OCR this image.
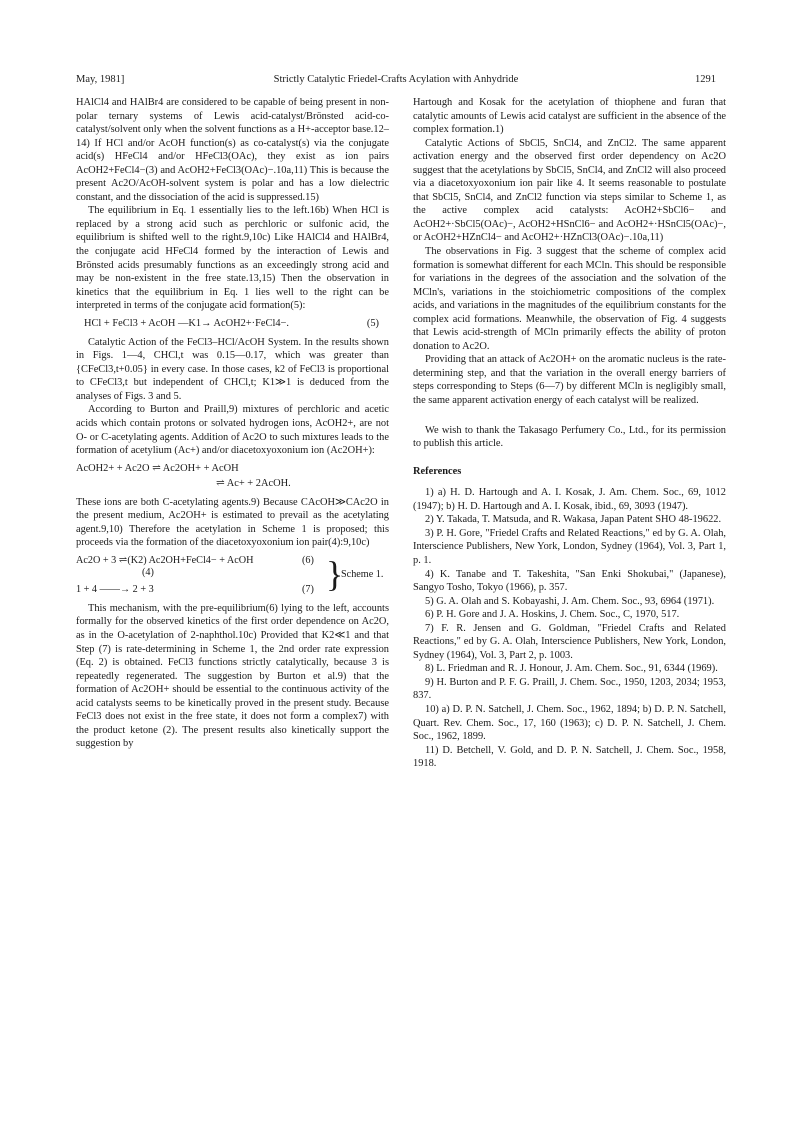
May, 1981]	Strictly Catalytic Friedel-Crafts Acylation with Anhydride	1291

HAlCl4 and HAlBr4 are considered to be capable of being present in non-polar ternary systems of Lewis acid-catalyst/Brönsted acid-co-catalyst/solvent only when the solvent functions as a H+-acceptor base.12–14) If HCl and/or AcOH function(s) as co-catalyst(s) via the conjugate acid(s) HFeCl4 and/or HFeCl3(OAc), they exist as ion pairs AcOH2+FeCl4−(3) and AcOH2+FeCl3(OAc)−.10a,11) This is because the present Ac2O/AcOH-solvent system is polar and has a low dielectric constant, and the dissociation of the acid is suppressed.15)

The equilibrium in Eq. 1 essentially lies to the left.16b) When HCl is replaced by a strong acid such as perchloric or sulfonic acid, the equilibrium is shifted well to the right.9,10c) Like HAlCl4 and HAlBr4, the conjugate acid HFeCl4 formed by the interaction of Lewis and Brönsted acids presumably functions as an exceedingly strong acid and may be non-existent in the free state.13,15) Then the observation in kinetics that the equilibrium in Eq. 1 lies well to the right can be interpreted in terms of the conjugate acid formation(5):

HCl + FeCl3 + AcOH —K1→ AcOH2+·FeCl4−.	(5)

Catalytic Action of the FeCl3–HCl/AcOH System. In the results shown in Figs. 1—4, CHCl,t was 0.15—0.17, which was greater than {CFeCl3,t+0.05} in every case. In those cases, k2 of FeCl3 is proportional to CFeCl3,t but independent of CHCl,t; K1≫1 is deduced from the analyses of Figs. 3 and 5.

According to Burton and Praill,9) mixtures of perchloric and acetic acids which contain protons or solvated hydrogen ions, AcOH2+, are not O- or C-acetylating agents. Addition of Ac2O to such mixtures leads to the formation of acetylium (Ac+) and/or diacetoxyoxonium ion (Ac2OH+):

AcOH2+ + Ac2O ⇌ Ac2OH+ + AcOH
⇌ Ac+ + 2AcOH.

These ions are both C-acetylating agents.9) Because CAcOH≫CAc2O in the present medium, Ac2OH+ is estimated to prevail as the acetylating agent.9,10) Therefore the acetylation in Scheme 1 is proposed; this proceeds via the formation of the diacetoxyoxonium ion pair(4):9,10c)

Ac2O + 3 ⇌(K2) Ac2OH+FeCl4− + AcOH
(4)
(6)
1 + 4 ——→ 2 + 3	(7) }
Scheme 1.

This mechanism, with the pre-equilibrium(6) lying to the left, accounts formally for the observed kinetics of the first order dependence on Ac2O, as in the O-acetylation of 2-naphthol.10c) Provided that K2≪1 and that Step (7) is rate-determining in Scheme 1, the 2nd order rate expression (Eq. 2) is obtained. FeCl3 functions strictly catalytically, because 3 is repeatedly regenerated. The suggestion by Burton et al.9) that the formation of Ac2OH+ should be essential to the continuous activity of the acid catalysts seems to be kinetically proved in the present study. Because FeCl3 does not exist in the free state, it does not form a complex7) with the product ketone (2). The present results also kinetically support the suggestion by

Hartough and Kosak for the acetylation of thiophene and furan that catalytic amounts of Lewis acid catalyst are sufficient in the absence of the complex formation.1)

Catalytic Actions of SbCl5, SnCl4, and ZnCl2. The same apparent activation energy and the observed first order dependency on Ac2O suggest that the acetylations by SbCl5, SnCl4, and ZnCl2 will also proceed via a diacetoxyoxonium ion pair like 4. It seems reasonable to postulate that SbCl5, SnCl4, and ZnCl2 function via steps similar to Scheme 1, as the active complex acid catalysts: AcOH2+SbCl6− and AcOH2+·SbCl5(OAc)−, AcOH2+HSnCl6− and AcOH2+·HSnCl5(OAc)−, or AcOH2+HZnCl4− and AcOH2+·HZnCl3(OAc)−.10a,11)

The observations in Fig. 3 suggest that the scheme of complex acid formation is somewhat different for each MCln. This should be responsible for variations in the degrees of the association and the solvation of the MCln's, variations in the stoichiometric compositions of the complex acids, and variations in the magnitudes of the equilibrium constants for the complex acid formations. Meanwhile, the observation of Fig. 4 suggests that Lewis acid-strength of MCln primarily effects the ability of proton donation to Ac2O.

Providing that an attack of Ac2OH+ on the aromatic nucleus is the rate-determining step, and that the variation in the overall energy barriers of steps corresponding to Steps (6—7) by different MCln is negligibly small, the same apparent activation energy of each catalyst will be realized.

We wish to thank the Takasago Perfumery Co., Ltd., for its permission to publish this article.

References

1) a) H. D. Hartough and A. I. Kosak, J. Am. Chem. Soc., 69, 1012 (1947); b) H. D. Hartough and A. I. Kosak, ibid., 69, 3093 (1947).

2) Y. Takada, T. Matsuda, and R. Wakasa, Japan Patent SHO 48-19622.

3) P. H. Gore, "Friedel Crafts and Related Reactions," ed by G. A. Olah, Interscience Publishers, New York, London, Sydney (1964), Vol. 3, Part 1, p. 1.

4) K. Tanabe and T. Takeshita, "San Enki Shokubai," (Japanese), Sangyo Tosho, Tokyo (1966), p. 357.

5) G. A. Olah and S. Kobayashi, J. Am. Chem. Soc., 93, 6964 (1971).

6) P. H. Gore and J. A. Hoskins, J. Chem. Soc., C, 1970, 517.

7) F. R. Jensen and G. Goldman, "Friedel Crafts and Related Reactions," ed by G. A. Olah, Interscience Publishers, New York, London, Sydney (1964), Vol. 3, Part 2, p. 1003.

8) L. Friedman and R. J. Honour, J. Am. Chem. Soc., 91, 6344 (1969).

9) H. Burton and P. F. G. Praill, J. Chem. Soc., 1950, 1203, 2034; 1953, 837.

10) a) D. P. N. Satchell, J. Chem. Soc., 1962, 1894; b) D. P. N. Satchell, Quart. Rev. Chem. Soc., 17, 160 (1963); c) D. P. N. Satchell, J. Chem. Soc., 1962, 1899.

11) D. Betchell, V. Gold, and D. P. N. Satchell, J. Chem. Soc., 1958, 1918.
